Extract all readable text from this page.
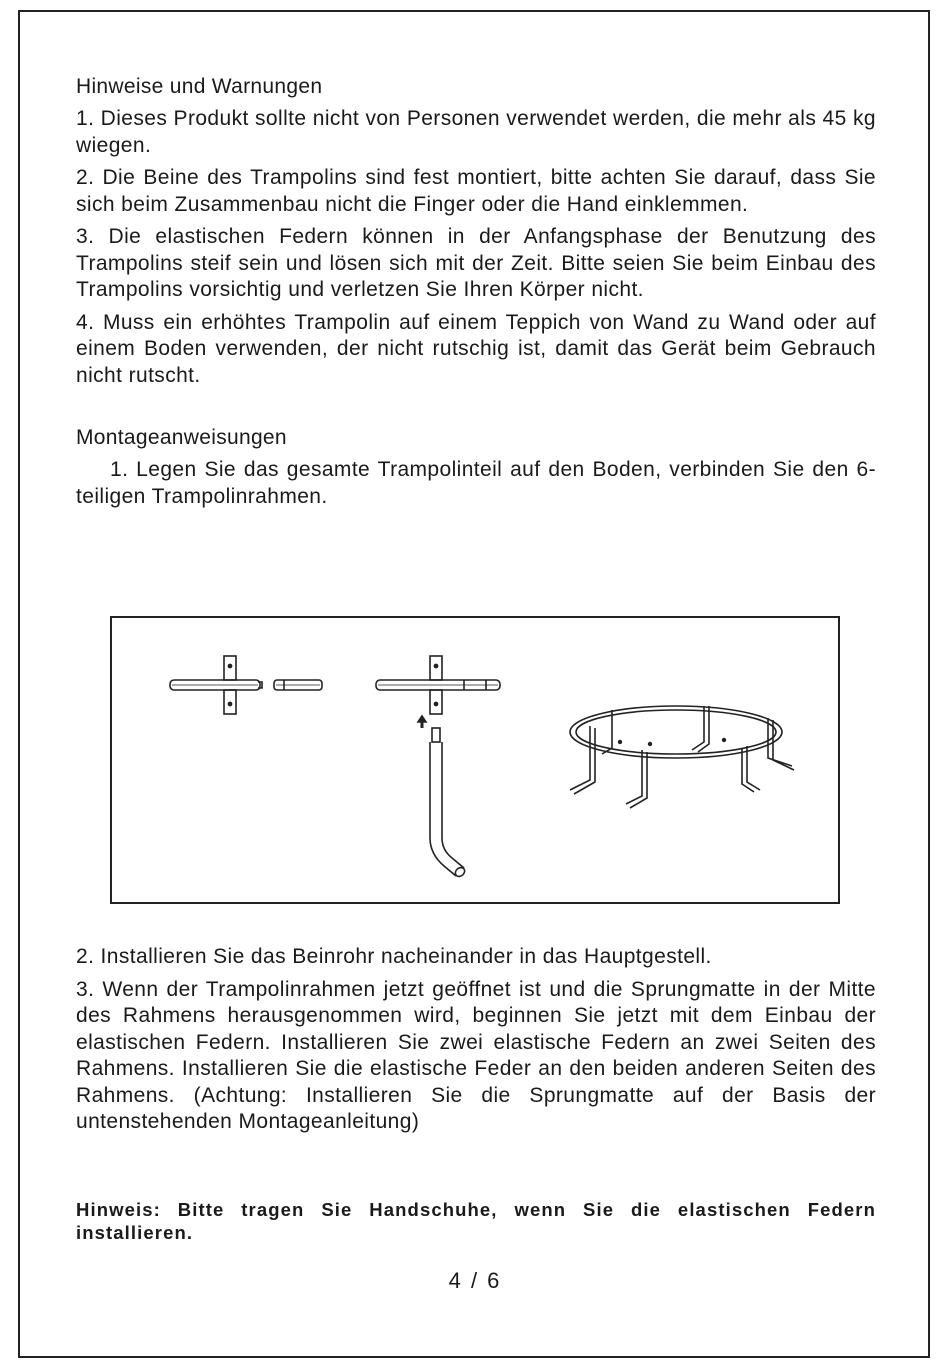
Hinweise und Warnungen

1. Dieses Produkt sollte nicht von Personen verwendet werden, die mehr als 45 kg wiegen.

2. Die Beine des Trampolins sind fest montiert, bitte achten Sie darauf, dass Sie sich beim Zusammenbau nicht die Finger oder die Hand einklemmen.

3. Die elastischen Federn können in der Anfangsphase der Benutzung des Trampolins steif sein und lösen sich mit der Zeit. Bitte seien Sie beim Einbau des Trampolins vorsichtig und verletzen Sie Ihren Körper nicht.

4. Muss ein erhöhtes Trampolin auf einem Teppich von Wand zu Wand oder auf einem Boden verwenden, der nicht rutschig ist, damit das Gerät beim Gebrauch nicht rutscht.

Montageanweisungen

1. Legen Sie das gesamte Trampolinteil auf den Boden, verbinden Sie den 6-teiligen Trampolinrahmen.

2. Installieren Sie das Beinrohr nacheinander in das Hauptgestell.

3. Wenn der Trampolinrahmen jetzt geöffnet ist und die Sprungmatte in der Mitte des Rahmens herausgenommen wird, beginnen Sie jetzt mit dem Einbau der elastischen Federn. Installieren Sie zwei elastische Federn an zwei Seiten des Rahmens. Installieren Sie die elastische Feder an den beiden anderen Seiten des Rahmens. (Achtung: Installieren Sie die Sprungmatte auf der Basis der untenstehenden Montageanleitung)

Hinweis: Bitte tragen Sie Handschuhe, wenn Sie die elastischen Federn installieren.

4 / 6
